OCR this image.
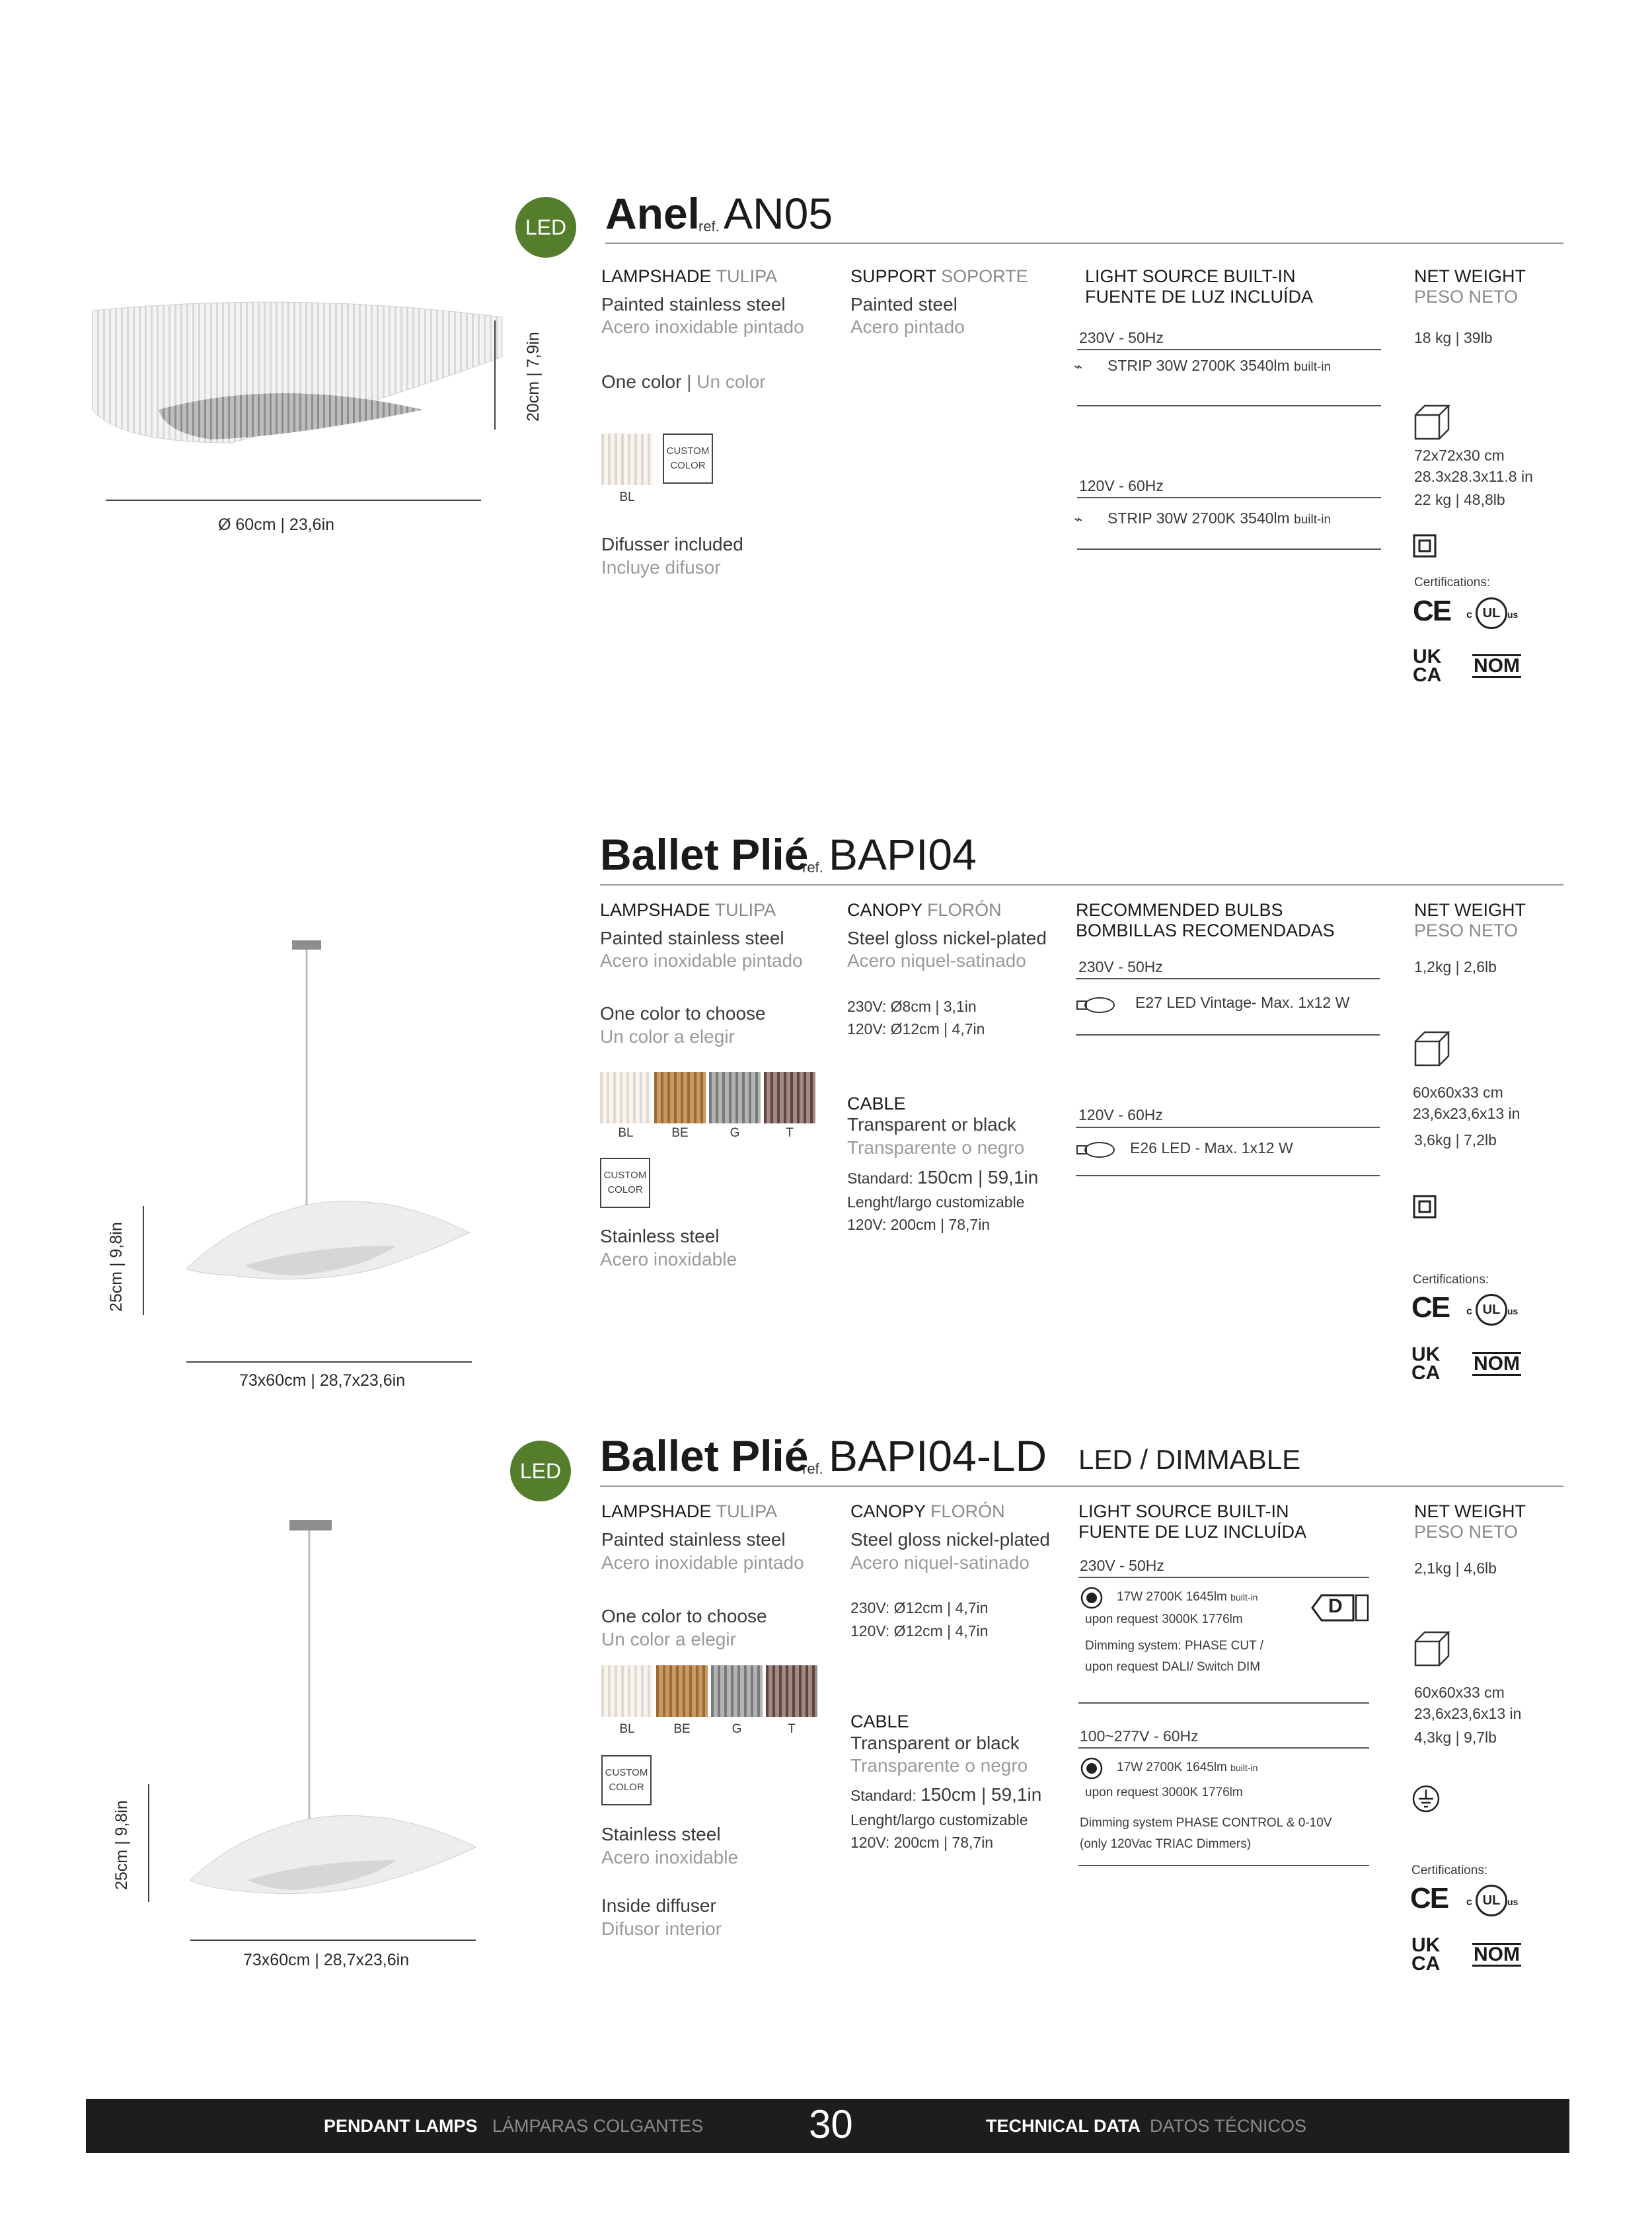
LED Anel
ref. AN05
20cm | 7,9in
Ø 60cm | 23,6in
LAMPSHADE TULIPA
Painted stainless steel
Acero inoxidable pintado
One color | Un color
BL
CUSTOM
COLOR
Difusser included
Incluye difusor
SUPPORT SOPORTE
Painted steel
Acero pintado
LIGHT SOURCE BUILT-IN
FUENTE DE LUZ INCLUÍDA
230V - 50Hz
⌁ STRIP 30W 2700K 3540lm built-in
120V - 60Hz
⌁ STRIP 30W 2700K 3540lm built-in
NET WEIGHT
PESO NETO
18 kg | 39lb
72x72x30 cm
28.3x28.3x11.8 in
22 kg | 48,8lb
Certifications:
CE c UL us
UK
CA NOM
Ballet Plié
ref. BAPI04
25cm | 9,8in
73x60cm | 28,7x23,6in
LAMPSHADE TULIPA
Painted stainless steel
Acero inoxidable pintado
One color to choose
Un color a elegir
BL	BE	G	T
CUSTOM
COLOR
Stainless steel
Acero inoxidable
CANOPY FLORÓN
Steel gloss nickel-plated
Acero niquel-satinado
230V: Ø8cm | 3,1in
120V: Ø12cm | 4,7in
CABLE
Transparent or black
Transparente o negro
Standard: 150cm | 59,1in
Lenght/largo customizable
120V: 200cm | 78,7in
RECOMMENDED BULBS
BOMBILLAS RECOMENDADAS
230V - 50Hz
E27 LED Vintage- Max. 1x12 W
120V - 60Hz
E26 LED - Max. 1x12 W
NET WEIGHT
PESO NETO
1,2kg | 2,6lb
60x60x33 cm
23,6x23,6x13 in
3,6kg | 7,2lb
Certifications:
CE c UL us
UK
CA NOM
LED Ballet Plié
ref. BAPI04-LD LED / DIMMABLE
25cm | 9,8in
73x60cm | 28,7x23,6in
LAMPSHADE TULIPA
Painted stainless steel
Acero inoxidable pintado
One color to choose
Un color a elegir
BL	BE	G	T
CUSTOM
COLOR
Stainless steel
Acero inoxidable
Inside diffuser
Difusor interior
CANOPY FLORÓN
Steel gloss nickel-plated
Acero niquel-satinado
230V: Ø12cm | 4,7in
120V: Ø12cm | 4,7in
CABLE
Transparent or black
Transparente o negro
Standard: 150cm | 59,1in
Lenght/largo customizable
120V: 200cm | 78,7in
LIGHT SOURCE BUILT-IN
FUENTE DE LUZ INCLUÍDA
230V - 50Hz
17W 2700K 1645lm built-in
upon request 3000K 1776lm
Dimming system: PHASE CUT /
upon request DALI/ Switch DIM
D
100~277V - 60Hz
17W 2700K 1645lm built-in
upon request 3000K 1776lm
Dimming system PHASE CONTROL & 0-10V
(only 120Vac TRIAC Dimmers)
NET WEIGHT
PESO NETO
2,1kg | 4,6lb
60x60x33 cm
23,6x23,6x13 in
4,3kg | 9,7lb
Certifications:
CE c UL us
UK
CA NOM
PENDANT LAMPS LÁMPARAS COLGANTES	30	TECHNICAL DATA DATOS TÉCNICOS
